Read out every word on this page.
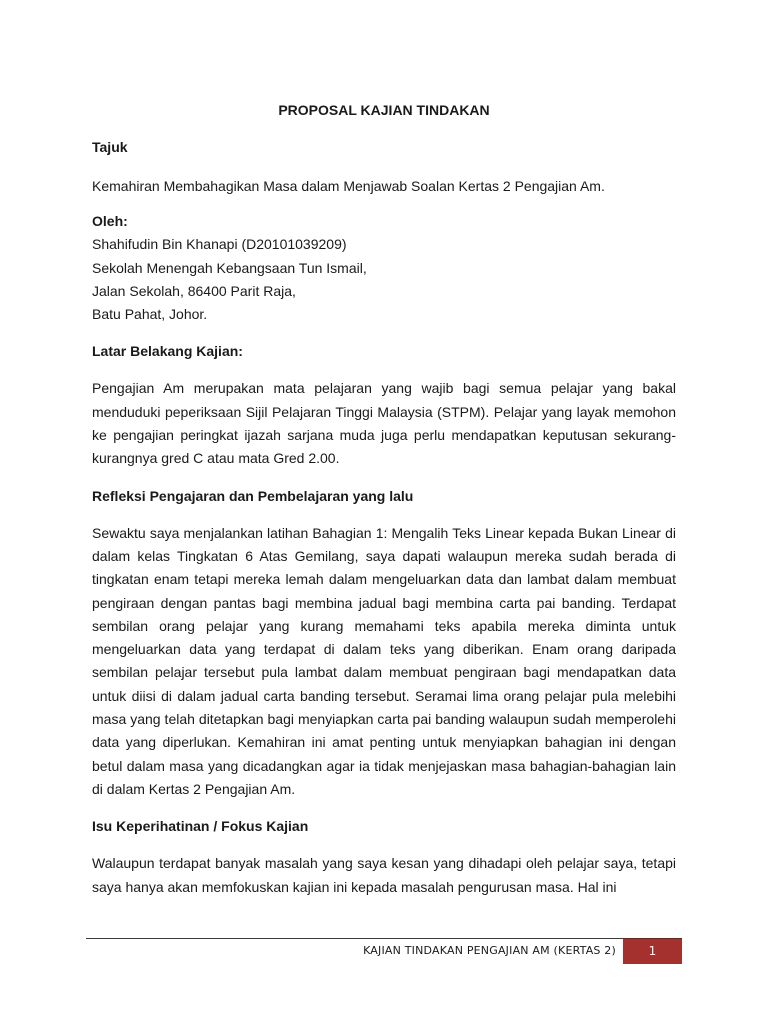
PROPOSAL KAJIAN TINDAKAN

Tajuk

Kemahiran Membahagikan Masa dalam Menjawab Soalan Kertas 2 Pengajian Am.

Oleh:

Shahifudin Bin Khanapi (D20101039209)

Sekolah Menengah Kebangsaan Tun Ismail,

Jalan Sekolah, 86400 Parit Raja,

Batu Pahat, Johor.

Latar Belakang Kajian:

Pengajian Am merupakan mata pelajaran yang wajib bagi semua pelajar yang bakal menduduki peperiksaan Sijil Pelajaran Tinggi Malaysia (STPM). Pelajar yang layak memohon ke pengajian peringkat ijazah sarjana muda juga perlu mendapatkan keputusan sekurang-kurangnya gred C atau mata Gred 2.00.

Refleksi Pengajaran dan Pembelajaran yang lalu

Sewaktu saya menjalankan latihan Bahagian 1: Mengalih Teks Linear kepada Bukan Linear di dalam kelas Tingkatan 6 Atas Gemilang, saya dapati walaupun mereka sudah berada di tingkatan enam tetapi mereka lemah dalam mengeluarkan data dan lambat dalam membuat pengiraan dengan pantas bagi membina jadual bagi membina carta pai banding. Terdapat sembilan orang pelajar yang kurang memahami teks apabila mereka diminta untuk mengeluarkan data yang terdapat di dalam teks yang diberikan. Enam orang daripada sembilan pelajar tersebut pula lambat dalam membuat pengiraan bagi mendapatkan data untuk diisi di dalam jadual carta banding tersebut. Seramai lima orang pelajar pula melebihi masa yang telah ditetapkan bagi menyiapkan carta pai banding walaupun sudah memperolehi data yang diperlukan. Kemahiran ini amat penting untuk menyiapkan bahagian ini dengan betul dalam masa yang dicadangkan agar ia tidak menjejaskan masa bahagian-bahagian lain di dalam Kertas 2 Pengajian Am.

Isu Keperihatinan / Fokus Kajian

Walaupun terdapat banyak masalah yang saya kesan yang dihadapi oleh pelajar saya, tetapi saya hanya akan memfokuskan kajian ini kepada masalah pengurusan masa. Hal ini

KAJIAN TINDAKAN PENGAJIAN AM (KERTAS 2)	1
